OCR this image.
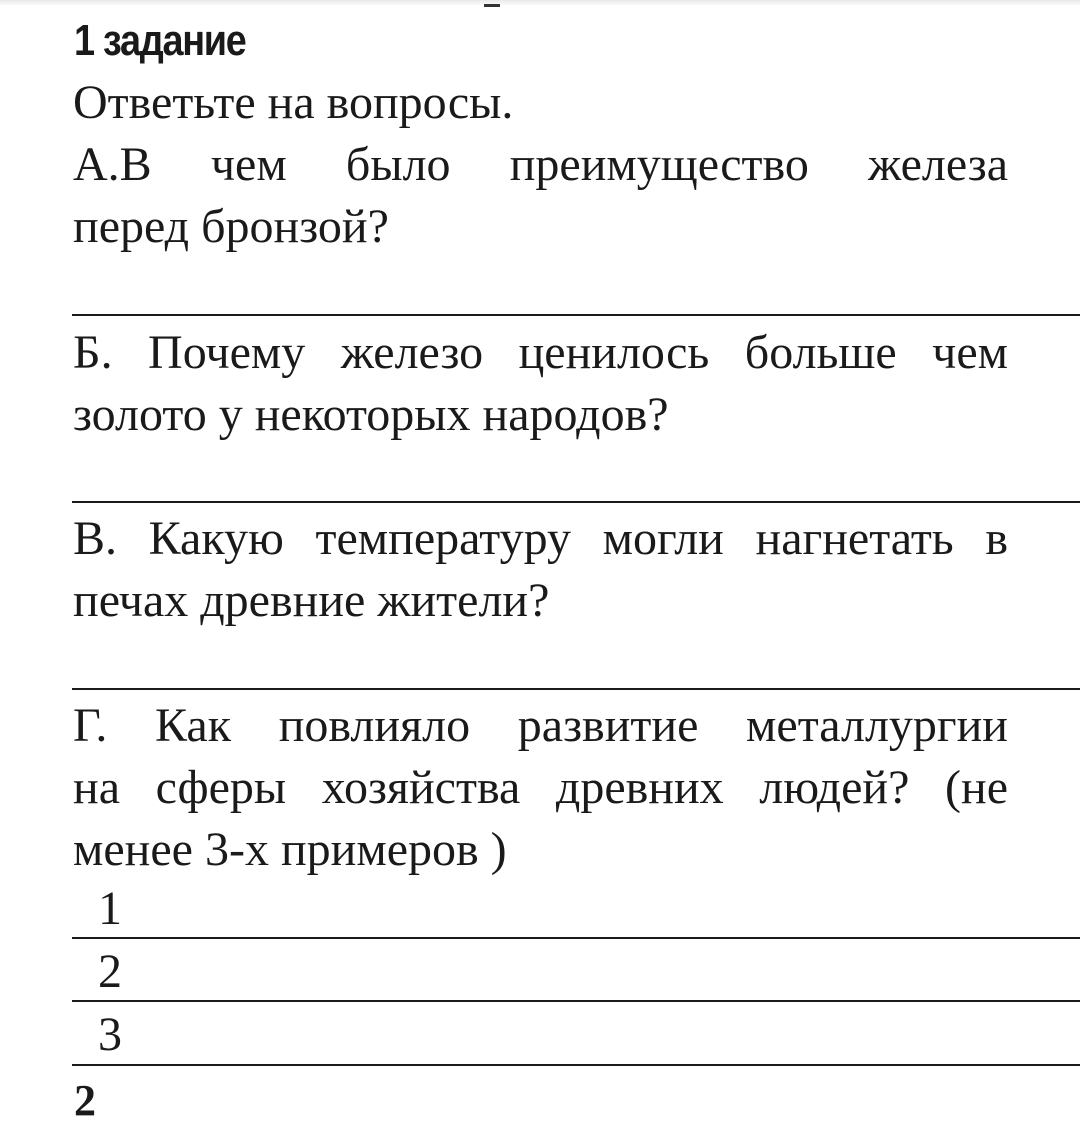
1 задание
Ответьте на вопросы.
А.В чем было преимущество железа
перед бронзой?
Б. Почему железо ценилось больше чем
золото у некоторых народов?
В. Какую температуру могли нагнетать в
печах древние жители?
Г. Как повлияло развитие металлургии
на сферы хозяйства древних людей? (не
менее 3-х примеров )
1
2
3
2
